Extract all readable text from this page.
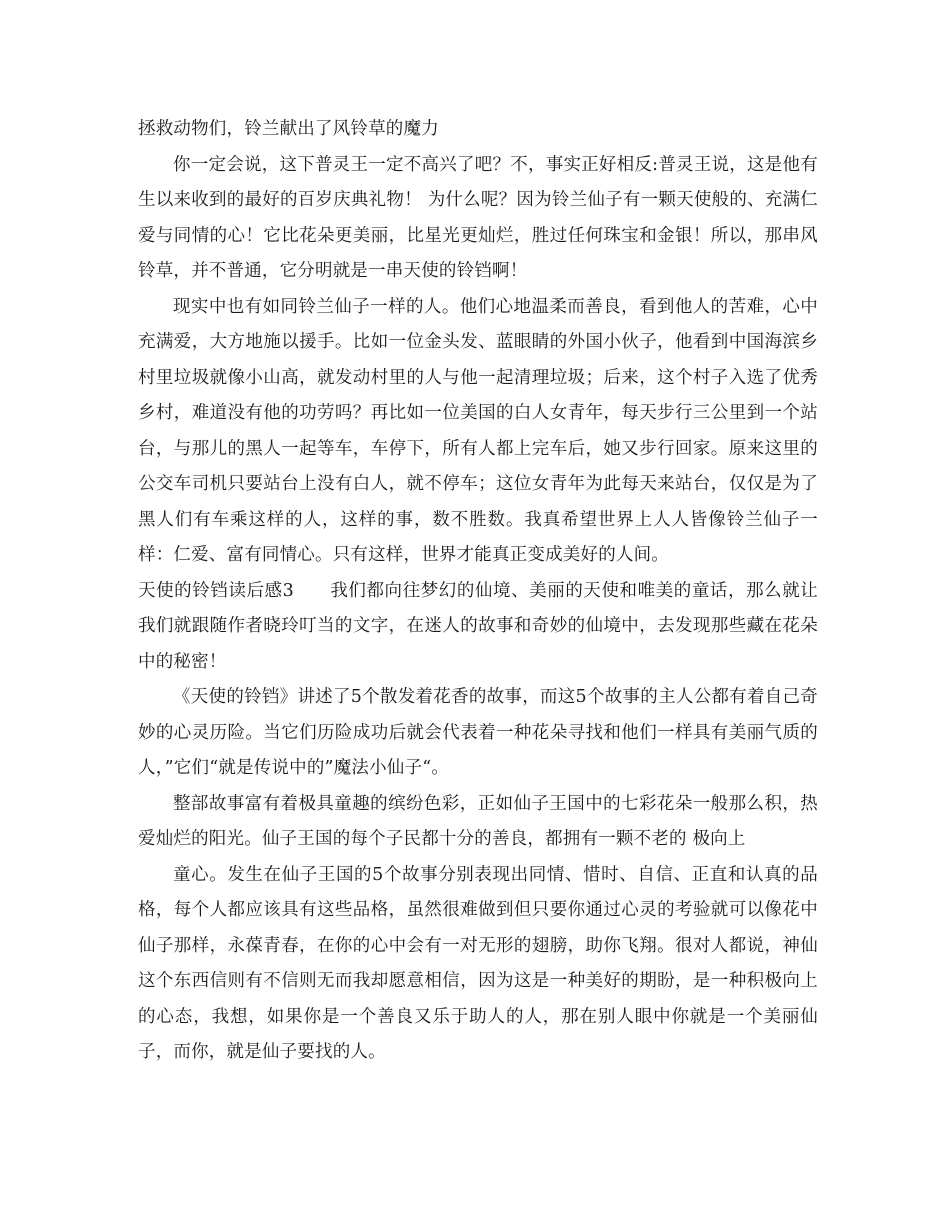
拯救动物们，铃兰献出了风铃草的魔力

你一定会说，这下普灵王一定不高兴了吧？不，事实正好相反:普灵王说，这是他有生以来收到的最好的百岁庆典礼物！ 为什么呢？因为铃兰仙子有一颗天使般的、充满仁爱与同情的心！它比花朵更美丽，比星光更灿烂，胜过任何珠宝和金银！所以，那串风铃草，并不普通，它分明就是一串天使的铃铛啊！

现实中也有如同铃兰仙子一样的人。他们心地温柔而善良，看到他人的苦难，心中充满爱，大方地施以援手。比如一位金头发、蓝眼睛的外国小伙子，他看到中国海滨乡村里垃圾就像小山高，就发动村里的人与他一起清理垃圾；后来，这个村子入选了优秀乡村，难道没有他的功劳吗？再比如一位美国的白人女青年，每天步行三公里到一个站台，与那儿的黑人一起等车，车停下，所有人都上完车后，她又步行回家。原来这里的公交车司机只要站台上没有白人，就不停车；这位女青年为此每天来站台，仅仅是为了黑人们有车乘这样的人，这样的事，数不胜数。我真希望世界上人人皆像铃兰仙子一样：仁爱、富有同情心。只有这样，世界才能真正变成美好的人间。

天使的铃铛读后感3 我们都向往梦幻的仙境、美丽的天使和唯美的童话，那么就让我们就跟随作者晓玲叮当的文字，在迷人的故事和奇妙的仙境中，去发现那些藏在花朵中的秘密！

《天使的铃铛》讲述了5个散发着花香的故事，而这5个故事的主人公都有着自己奇妙的心灵历险。当它们历险成功后就会代表着一种花朵寻找和他们一样具有美丽气质的人，”它们“就是传说中的”魔法小仙子“。

整部故事富有着极具童趣的缤纷色彩，正如仙子王国中的七彩花朵一般那么积，热爱灿烂的阳光。仙子王国的每个子民都十分的善良，都拥有一颗不老的 极向上

童心。发生在仙子王国的5个故事分别表现出同情、惜时、自信、正直和认真的品格，每个人都应该具有这些品格，虽然很难做到但只要你通过心灵的考验就可以像花中仙子那样，永葆青春，在你的心中会有一对无形的翅膀，助你飞翔。很对人都说，神仙这个东西信则有不信则无而我却愿意相信，因为这是一种美好的期盼，是一种积极向上的心态，我想，如果你是一个善良又乐于助人的人，那在别人眼中你就是一个美丽仙子，而你，就是仙子要找的人。
